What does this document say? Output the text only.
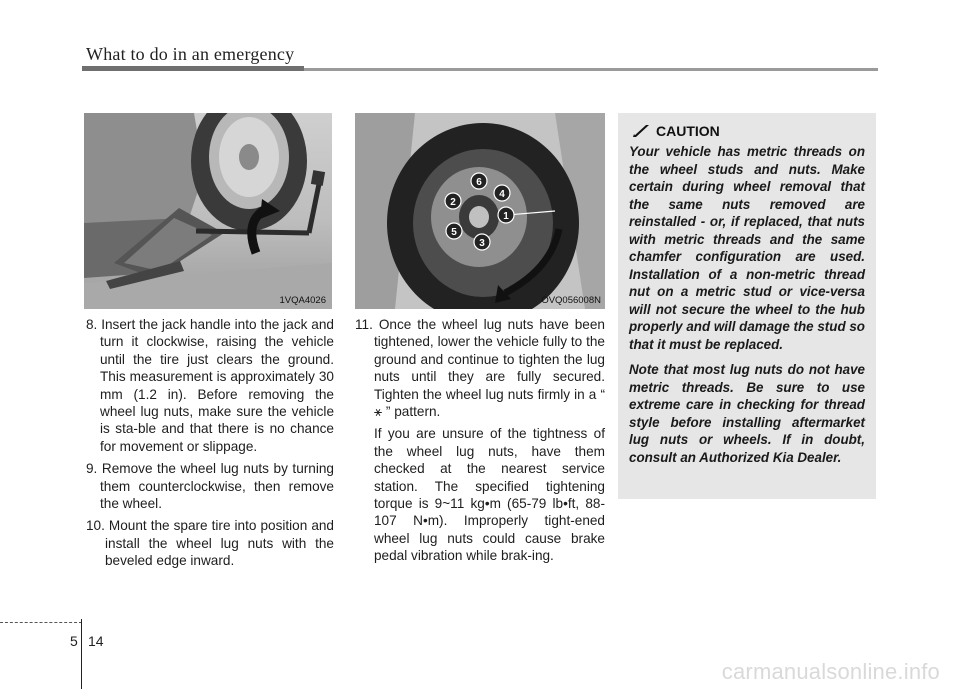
What to do in an emergency
1VQA4026
1
2
3
4
5
6
OVQ056008N
8. Insert the jack handle into the jack and turn it clockwise, raising the vehicle until the tire just clears the ground. This measurement is approximately 30 mm (1.2 in). Before removing the wheel lug nuts, make sure the vehicle is sta-ble and that there is no chance for movement or slippage.
9. Remove the wheel lug nuts by turning them counterclockwise, then remove the wheel.
10. Mount the spare tire into position and install the wheel lug nuts with the beveled edge inward.
11. Once the wheel lug nuts have been tightened, lower the vehicle fully to the ground and continue to tighten the lug nuts until they are fully secured. Tighten the wheel lug nuts firmly in a “ ⚹ ” pattern.

If you are unsure of the tightness of the wheel lug nuts, have them checked at the nearest service station. The specified tightening torque is 9~11 kg•m (65-79 lb•ft, 88-107 N•m). Improperly tight-ened wheel lug nuts could cause brake pedal vibration while brak-ing.

CAUTION

Your vehicle has metric threads on the wheel studs and nuts. Make certain during wheel removal that the same nuts removed are reinstalled - or, if replaced, that nuts with metric threads and the same chamfer configuration are used. Installation of a non-metric thread nut on a metric stud or vice-versa will not secure the wheel to the hub properly and will damage the stud so that it must be replaced.

Note that most lug nuts do not have metric threads. Be sure to use extreme care in checking for thread style before installing aftermarket lug nuts or wheels. If in doubt, consult an Authorized Kia Dealer.

5 14
carmanualsonline.info
